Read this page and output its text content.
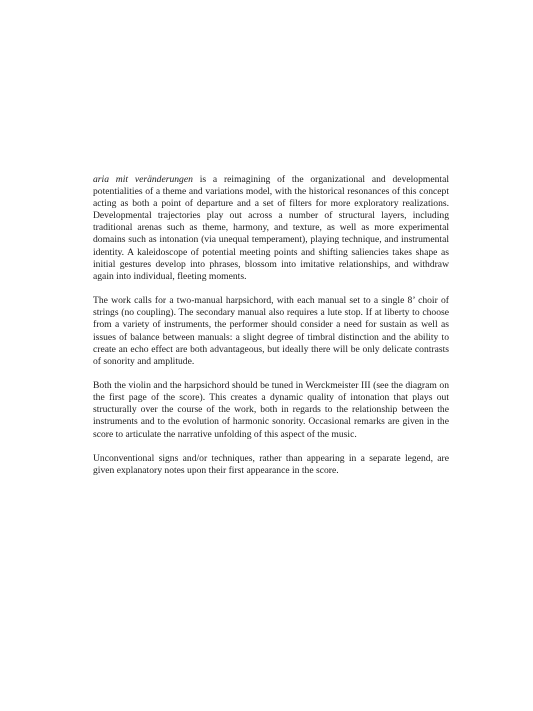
aria mit veränderungen is a reimagining of the organizational and developmental potentialities of a theme and variations model, with the historical resonances of this concept acting as both a point of departure and a set of filters for more exploratory realizations. Developmental trajectories play out across a number of structural layers, including traditional arenas such as theme, harmony, and texture, as well as more experimental domains such as intonation (via unequal temperament), playing technique, and instrumental identity. A kaleidoscope of potential meeting points and shifting saliencies takes shape as initial gestures develop into phrases, blossom into imitative relationships, and withdraw again into individual, fleeting moments.

The work calls for a two-manual harpsichord, with each manual set to a single 8’ choir of strings (no coupling). The secondary manual also requires a lute stop. If at liberty to choose from a variety of instruments, the performer should consider a need for sustain as well as issues of balance between manuals: a slight degree of timbral distinction and the ability to create an echo effect are both advantageous, but ideally there will be only delicate contrasts of sonority and amplitude.

Both the violin and the harpsichord should be tuned in Werckmeister III (see the diagram on the first page of the score). This creates a dynamic quality of intonation that plays out structurally over the course of the work, both in regards to the relationship between the instruments and to the evolution of harmonic sonority. Occasional remarks are given in the score to articulate the narrative unfolding of this aspect of the music.

Unconventional signs and/or techniques, rather than appearing in a separate legend, are given explanatory notes upon their first appearance in the score.
